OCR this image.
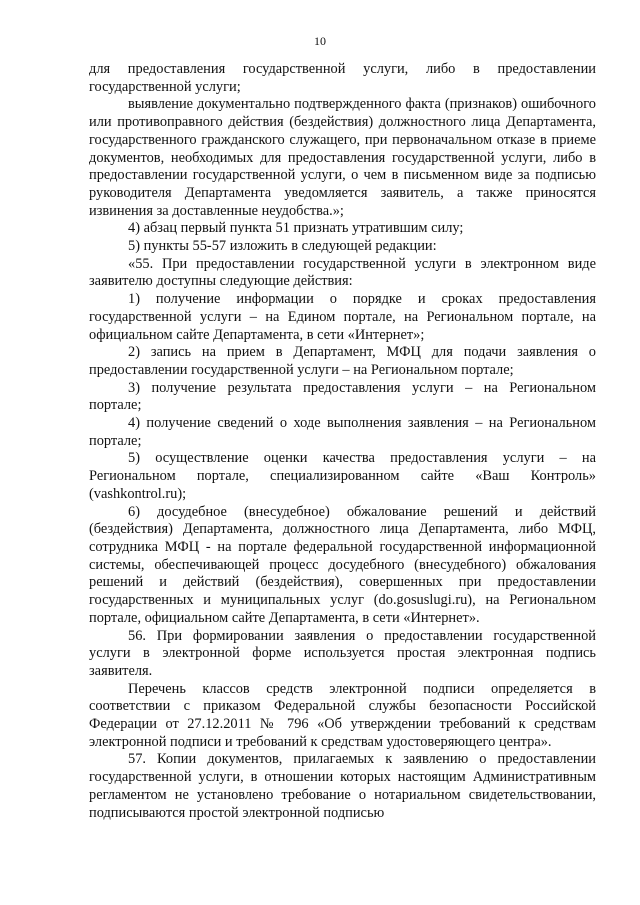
10

для предоставления государственной услуги, либо в предоставлении государственной услуги;

выявление документально подтвержденного факта (признаков) ошибочного или противоправного действия (бездействия) должностного лица Департамента, государственного гражданского служащего, при первоначальном отказе в приеме документов, необходимых для предоставления государственной услуги, либо в предоставлении государственной услуги, о чем в письменном виде за подписью руководителя Департамента уведомляется заявитель, а также приносятся извинения за доставленные неудобства.»;

4) абзац первый пункта 51 признать утратившим силу;

5) пункты 55-57 изложить в следующей редакции:

«55. При предоставлении государственной услуги в электронном виде заявителю доступны следующие действия:

1) получение информации о порядке и сроках предоставления государственной услуги – на Едином портале, на Региональном портале, на официальном сайте Департамента, в сети «Интернет»;

2) запись на прием в Департамент, МФЦ для подачи заявления о предоставлении государственной услуги – на Региональном портале;

3) получение результата предоставления услуги – на Региональном портале;

4) получение сведений о ходе выполнения заявления – на Региональном портале;

5) осуществление оценки качества предоставления услуги – на Региональном портале, специализированном сайте «Ваш Контроль» (vashkontrol.ru);

6) досудебное (внесудебное) обжалование решений и действий (бездействия) Департамента, должностного лица Департамента, либо МФЦ, сотрудника МФЦ - на портале федеральной государственной информационной системы, обеспечивающей процесс досудебного (внесудебного) обжалования решений и действий (бездействия), совершенных при предоставлении государственных и муниципальных услуг (do.gosuslugi.ru), на Региональном портале, официальном сайте Департамента, в сети «Интернет».

56. При формировании заявления о предоставлении государственной услуги в электронной форме используется простая электронная подпись заявителя.

Перечень классов средств электронной подписи определяется в соответствии с приказом Федеральной службы безопасности Российской Федерации от 27.12.2011 № 796 «Об утверждении требований к средствам электронной подписи и требований к средствам удостоверяющего центра».

57. Копии документов, прилагаемых к заявлению о предоставлении государственной услуги, в отношении которых настоящим Административным регламентом не установлено требование о нотариальном свидетельствовании, подписываются простой электронной подписью
